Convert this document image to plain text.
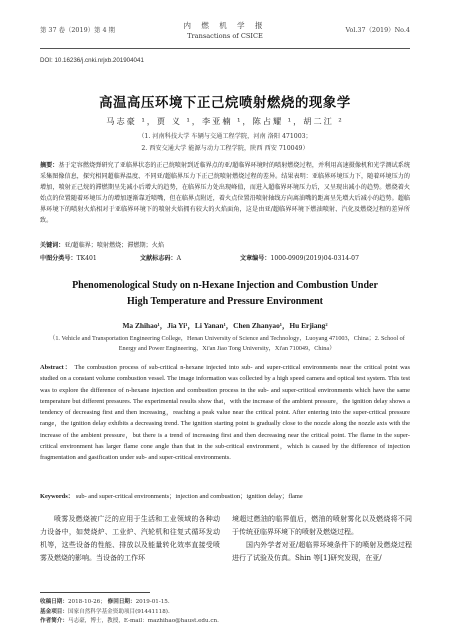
第 37 卷（2019）第 4 期	内 燃 机 学 报
Transactions of CSICE
Vol.37（2019）No.4
DOI: 10.16236/j.cnki.nrjxb.201904041
高温高压环境下正己烷喷射燃烧的现象学
马志豪 ¹，贾 义 ¹，李亚楠 ¹，陈占耀 ¹，胡二江 ²
（1. 河南科技大学 车辆与交通工程学院，河南 洛阳 471003；
2. 西安交通大学 能源与动力工程学院，陕西 西安 710049）
摘要：基于定容燃烧弹研究了亚临界状态的正己烷喷射到近临界点的亚/超临界环境时的喷射燃烧过程，并利用高速摄像机和光学测试系统采集图像信息，探究相同超临界温度、不同亚/超临界压力下正己烷喷射燃烧过程的差异。结果表明：亚临界环境压力下，随着环境压力的增加，喷射正己烷的滞燃期呈先减小后增大的趋势，在临界压力处出现峰值，而进入超临界环境压力后，又呈现出减小的趋势。燃烧着火始点的位置随着环境压力的增加逐渐靠近喷嘴，但在临界点附近，着火点位置沿喷射轴线方向离油嘴的距离呈先增大后减小的趋势。超临界环境下的喷射火焰相对于亚临界环境下的喷射火焰拥有较大的火焰面角，这是由亚/超临界环境下燃油喷射、汽化及燃烧过程的差异所致。
关键词：亚/超临界；喷射燃烧；滞燃期；火焰
中图分类号：TK401	文献标志码：A	文章编号：1000-0909(2019)04-0314-07
Phenomenological Study on n-Hexane Injection and Combustion Under
High Temperature and Pressure Environment
Ma Zhihao¹，Jia Yi¹，Li Yanan¹，Chen Zhanyao¹，Hu Erjiang²
（1. Vehicle and Transportation Engineering College，Henan University of Science and Technology，Luoyang 471003，China；2. School of Energy and Power Engineering，Xi'an Jiao Tong University，Xi'an 710049，China）
Abstract： The combustion process of sub-critical n-hexane injected into sub- and super-critical environments near the critical point was studied on a constant volume combustion vessel. The image information was collected by a high speed camera and optical test system. This test was to explore the difference of n-hexane injection and combustion process in the sub- and super-critical environments which have the same temperature but different pressures. The experimental results show that，with the increase of the ambient pressure，the ignition delay shows a tendency of decreasing first and then increasing，reaching a peak value near the critical point. After entering into the super-critical pressure range，the ignition delay exhibits a decreasing trend. The ignition starting point is gradually close to the nozzle along the nozzle axis with the increase of the ambient pressure，but there is a trend of increasing first and then decreasing near the critical point. The flame in the super-critical environment has larger flame cone angle than that in the sub-critical environment，which is caused by the difference of injection fragmentation and gasification under sub- and super-critical environments.
Keywords： sub- and super-critical environments；injection and combustion；ignition delay；flame
喷雾及燃烧被广泛的应用于生活和工业领域的各种动力设备中，如焚烧炉、工业炉、汽轮机和往复式循环发动机等，这些设备的性能、排放以及能量转化效率直接受喷雾及燃烧的影响。当设备的工作环
境超过燃油的临界值后，燃油的喷射雾化以及燃烧将不同于传统亚临界环境下的喷射及燃烧过程。
国内外学者对亚/超临界环境条件下的喷射及燃烧过程进行了试验及仿真。Shin 等[1]研究发现，在亚/
收稿日期：2018-10-26； 修回日期：2019-01-15.
基金项目：国家自然科学基金资助项目(91441118).
作者简介：马志豪，博士，教授，E-mail：mazhihao@haust.edu.cn.
